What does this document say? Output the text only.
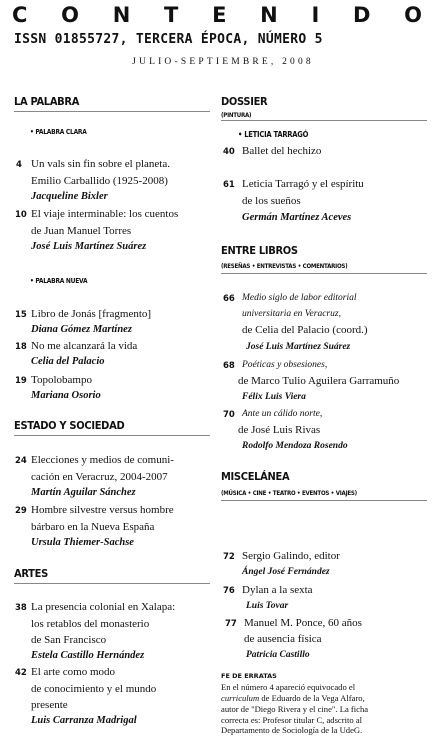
C O N T E N I D O
ISSN 01855727, TERCERA ÉPOCA, NÚMERO 5
JULIO-SEPTIEMBRE, 2008
LA PALABRA
• PALABRA CLARA
4 Un vals sin fin sobre el planeta.
Emilio Carballido (1925-2008)
Jacqueline Bixler
10 El viaje interminable: los cuentos
de Juan Manuel Torres
José Luis Martínez Suárez
• PALABRA NUEVA
15 Libro de Jonás [fragmento]
Diana Gómez Martínez
18 No me alcanzará la vida
Celia del Palacio
19 Topolobampo
Mariana Osorio
ESTADO Y SOCIEDAD
24 Elecciones y medios de comuni-
cación en Veracruz, 2004-2007
Martín Aguilar Sánchez
29 Hombre silvestre versus hombre
bárbaro en la Nueva España
Ursula Thiemer-Sachse
ARTES
38 La presencia colonial en Xalapa:
los retablos del monasterio
de San Francisco
Estela Castillo Hernández
42 El arte como modo
de conocimiento y el mundo
presente
Luis Carranza Madrigal
DOSSIER
(PINTURA)
• LETICIA TARRAGÓ
40 Ballet del hechizo
61 Leticia Tarragó y el espíritu
de los sueños
Germán Martínez Aceves
ENTRE LIBROS
(RESEÑAS • ENTREVISTAS • COMENTARIOS)
66 Medio siglo de labor editorial
universitaria en Veracruz,
de Celia del Palacio (coord.)
José Luis Martínez Suárez
68 Poéticas y obsesiones,
de Marco Tulio Aguilera Garramuño
Félix Luis Viera
70 Ante un cálido norte,
de José Luis Rivas
Rodolfo Mendoza Rosendo
MISCELÁNEA
(MÚSICA • CINE • TEATRO • EVENTOS • VIAJES)
72 Sergio Galindo, editor
Ángel José Fernández
76 Dylan a la sexta
Luis Tovar
77 Manuel M. Ponce, 60 años
de ausencia física
Patricia Castillo
FE DE ERRATAS
En el número 4 apareció equivocado el
curriculum de Eduardo de la Vega Alfaro,
autor de "Diego Rivera y el cine". La ficha
correcta es: Profesor titular C, adscrito al
Departamento de Sociología de la UdeG.
